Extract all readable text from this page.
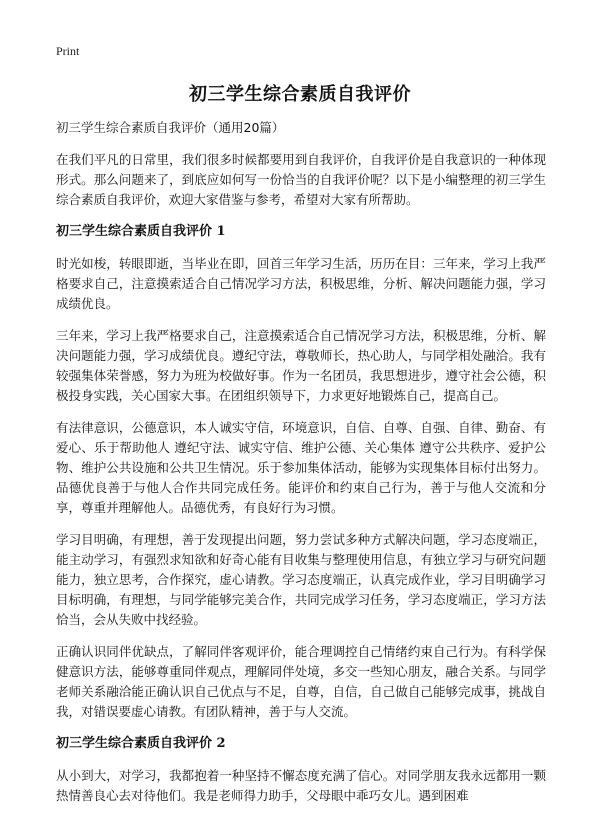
Print
初三学生综合素质自我评价
初三学生综合素质自我评价（通用20篇）

在我们平凡的日常里，我们很多时候都要用到自我评价，自我评价是自我意识的一种体现形式。那么问题来了，到底应如何写一份恰当的自我评价呢？以下是小编整理的初三学生综合素质自我评价，欢迎大家借鉴与参考，希望对大家有所帮助。

初三学生综合素质自我评价 1

时光如梭，转眼即逝，当毕业在即，回首三年学习生活，历历在目：三年来，学习上我严格要求自己，注意摸索适合自己情况学习方法，积极思维，分析、解决问题能力强，学习成绩优良。

三年来，学习上我严格要求自己，注意摸索适合自己情况学习方法，积极思维，分析、解决问题能力强，学习成绩优良。遵纪守法，尊敬师长，热心助人，与同学相处融洽。我有较强集体荣誉感，努力为班为校做好事。作为一名团员，我思想进步，遵守社会公德，积极投身实践，关心国家大事。在团组织领导下，力求更好地锻炼自己，提高自己。

有法律意识，公德意识，本人诚实守信，环境意识，自信、自尊、自强、自律、勤奋、有爱心、乐于帮助他人 遵纪守法、诚实守信、维护公德、关心集体 遵守公共秩序、爱护公物、维护公共设施和公共卫生情况。乐于参加集体活动，能够为实现集体目标付出努力。品德优良善于与他人合作共同完成任务。能评价和约束自己行为，善于与他人交流和分享，尊重并理解他人。品德优秀，有良好行为习惯。

学习目明确，有理想，善于发现提出问题，努力尝试多种方式解决问题，学习态度端正，能主动学习，有强烈求知欲和好奇心能有目收集与整理使用信息，有独立学习与研究问题能力，独立思考，合作探究，虚心请教。学习态度端正，认真完成作业，学习目明确学习目标明确，有理想，与同学能够完美合作，共同完成学习任务，学习态度端正，学习方法恰当，会从失败中找经验。

正确认识同伴优缺点，了解同伴客观评价，能合理调控自己情绪约束自己行为。有科学保健意识方法，能够尊重同伴观点，理解同伴处境，多交一些知心朋友，融合关系。与同学老师关系融洽能正确认识自己优点与不足，自尊，自信，自己做自己能够完成事，挑战自我，对错误要虚心请教。有团队精神，善于与人交流。

初三学生综合素质自我评价 2

从小到大，对学习，我都抱着一种坚持不懈态度充满了信心。对同学朋友我永远都用一颗热情善良心去对待他们。我是老师得力助手，父母眼中乖巧女儿。遇到困难
